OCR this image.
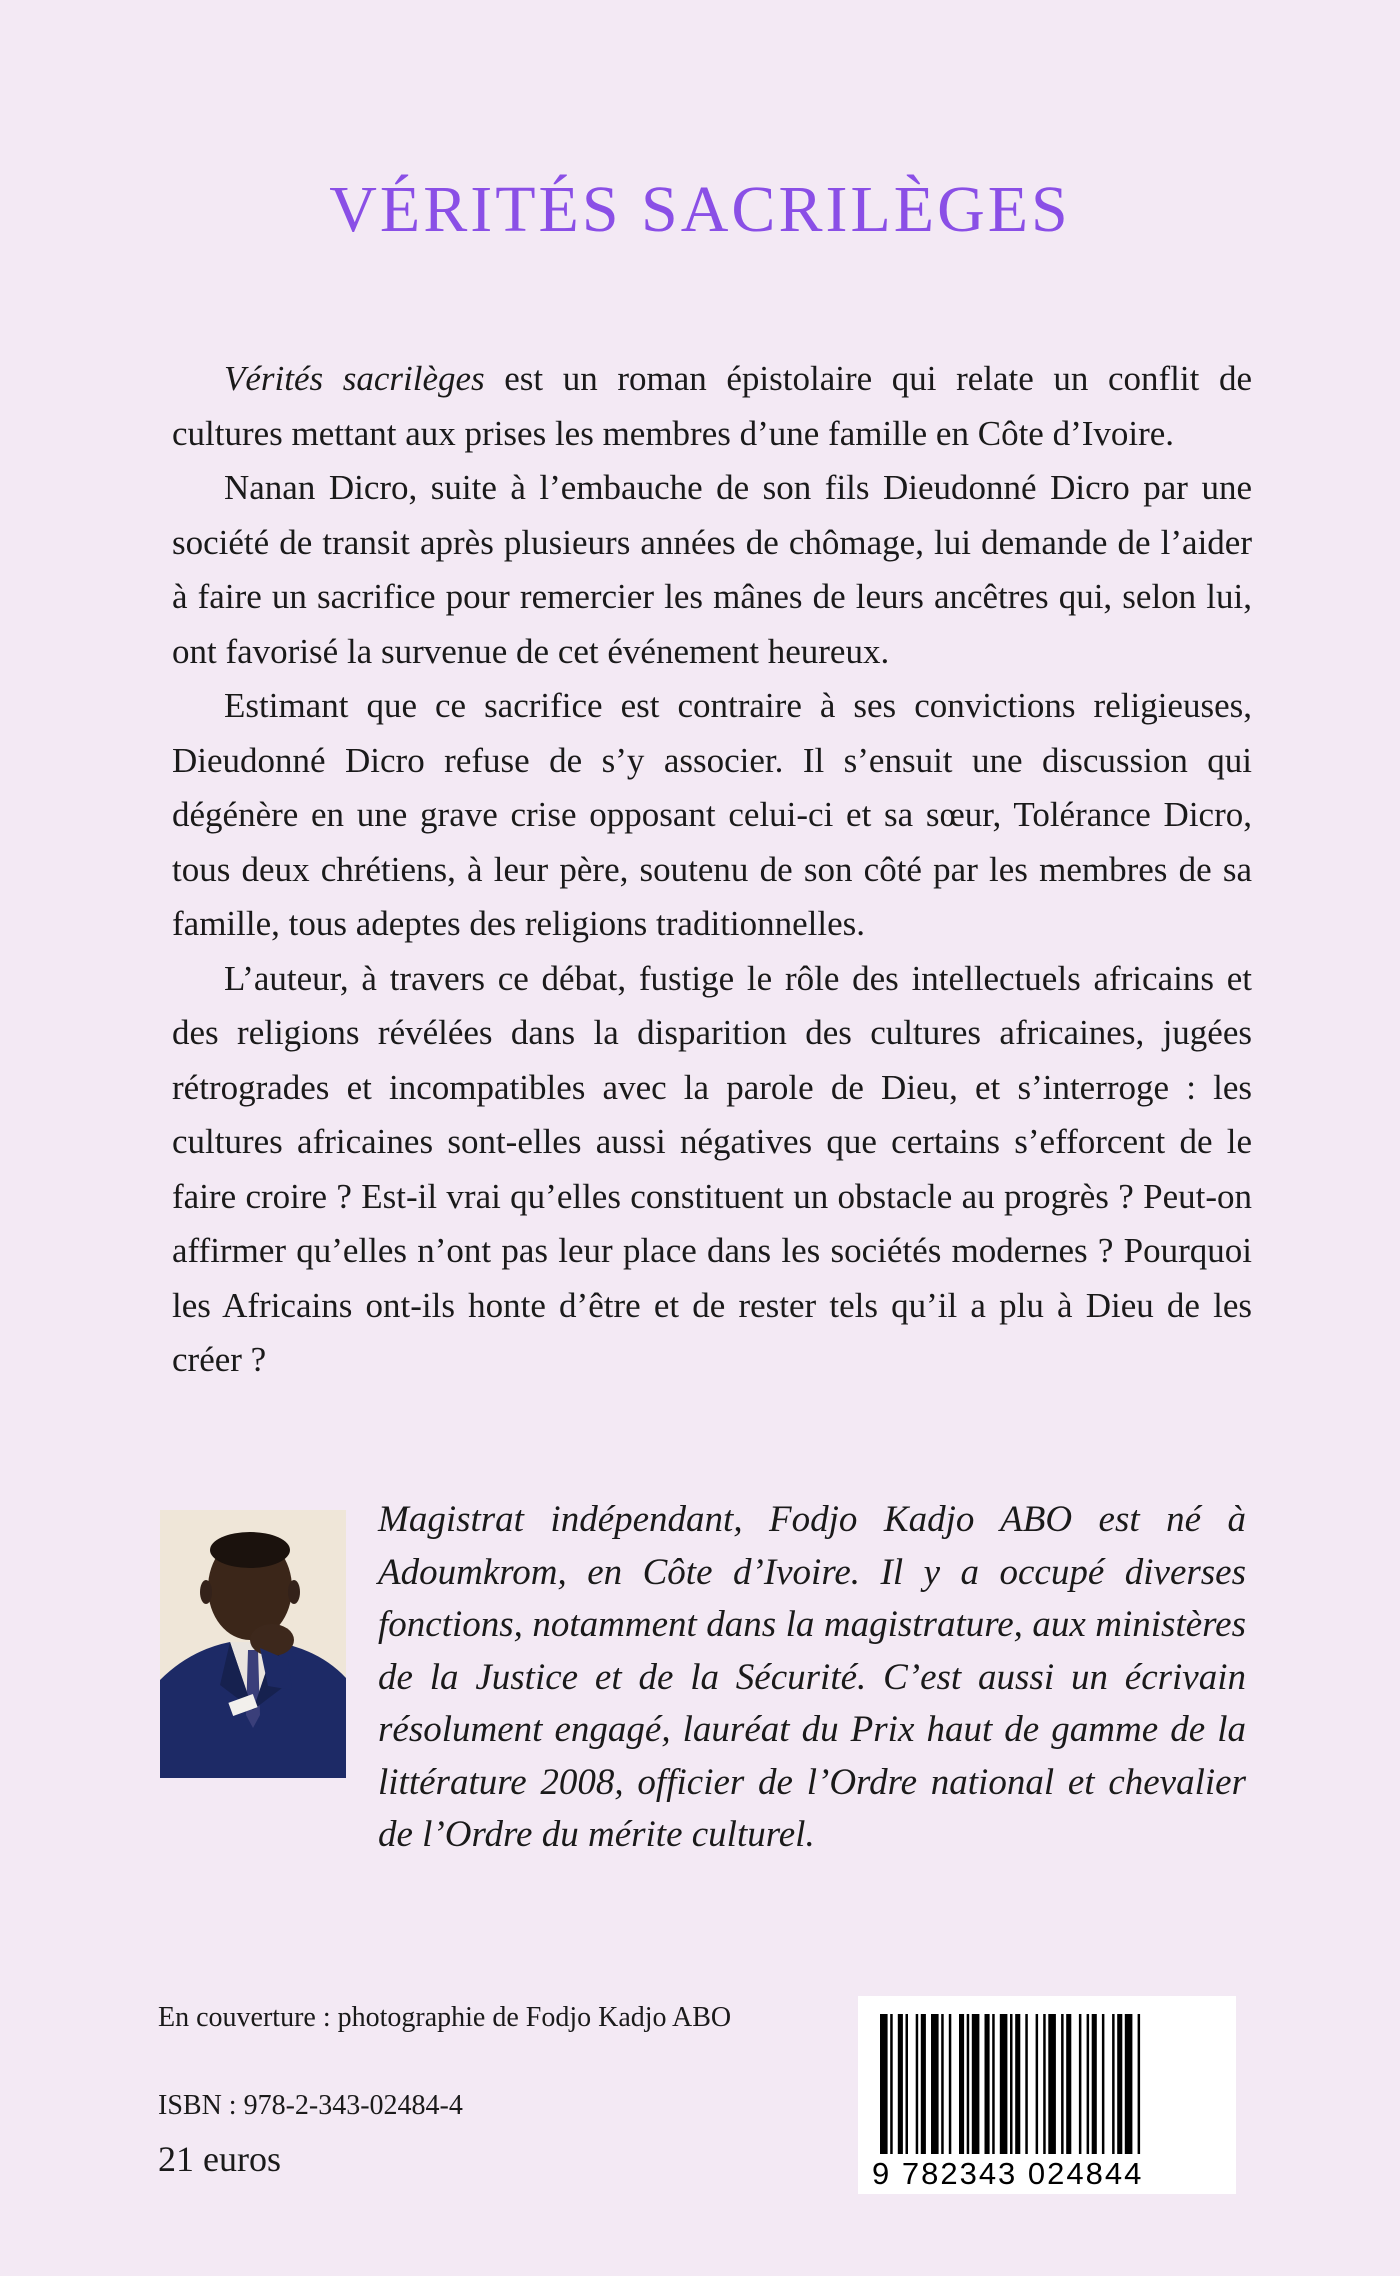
VÉRITÉS SACRILÈGES

Vérités sacrilèges est un roman épistolaire qui relate un conflit de cultures mettant aux prises les membres d’une famille en Côte d’Ivoire.

Nanan Dicro, suite à l’embauche de son fils Dieudonné Dicro par une société de transit après plusieurs années de chômage, lui demande de l’aider à faire un sacrifice pour remercier les mânes de leurs ancêtres qui, selon lui, ont favorisé la survenue de cet événement heureux.

Estimant que ce sacrifice est contraire à ses convictions religieuses, Dieudonné Dicro refuse de s’y associer. Il s’ensuit une discussion qui dégénère en une grave crise opposant celui-ci et sa sœur, Tolérance Dicro, tous deux chrétiens, à leur père, soutenu de son côté par les membres de sa famille, tous adeptes des religions traditionnelles.

L’auteur, à travers ce débat, fustige le rôle des intellectuels africains et des religions révélées dans la disparition des cultures africaines, jugées rétrogrades et incompatibles avec la parole de Dieu, et s’interroge : les cultures africaines sont-elles aussi négatives que certains s’efforcent de le faire croire ? Est-il vrai qu’elles constituent un obstacle au progrès ? Peut-on affirmer qu’elles n’ont pas leur place dans les sociétés modernes ? Pourquoi les Africains ont-ils honte d’être et de rester tels qu’il a plu à Dieu de les créer ?

Magistrat indépendant, Fodjo Kadjo ABO est né à Adoumkrom, en Côte d’Ivoire. Il y a occupé diverses fonctions, notamment dans la magistrature, aux ministères de la Justice et de la Sécurité. C’est aussi un écrivain résolument engagé, lauréat du Prix haut de gamme de la littérature 2008, officier de l’Ordre national et chevalier de l’Ordre du mérite culturel.
En couverture : photographie de Fodjo Kadjo ABO
ISBN : 978-2-343-02484-4
21 euros	9 782343 024844
